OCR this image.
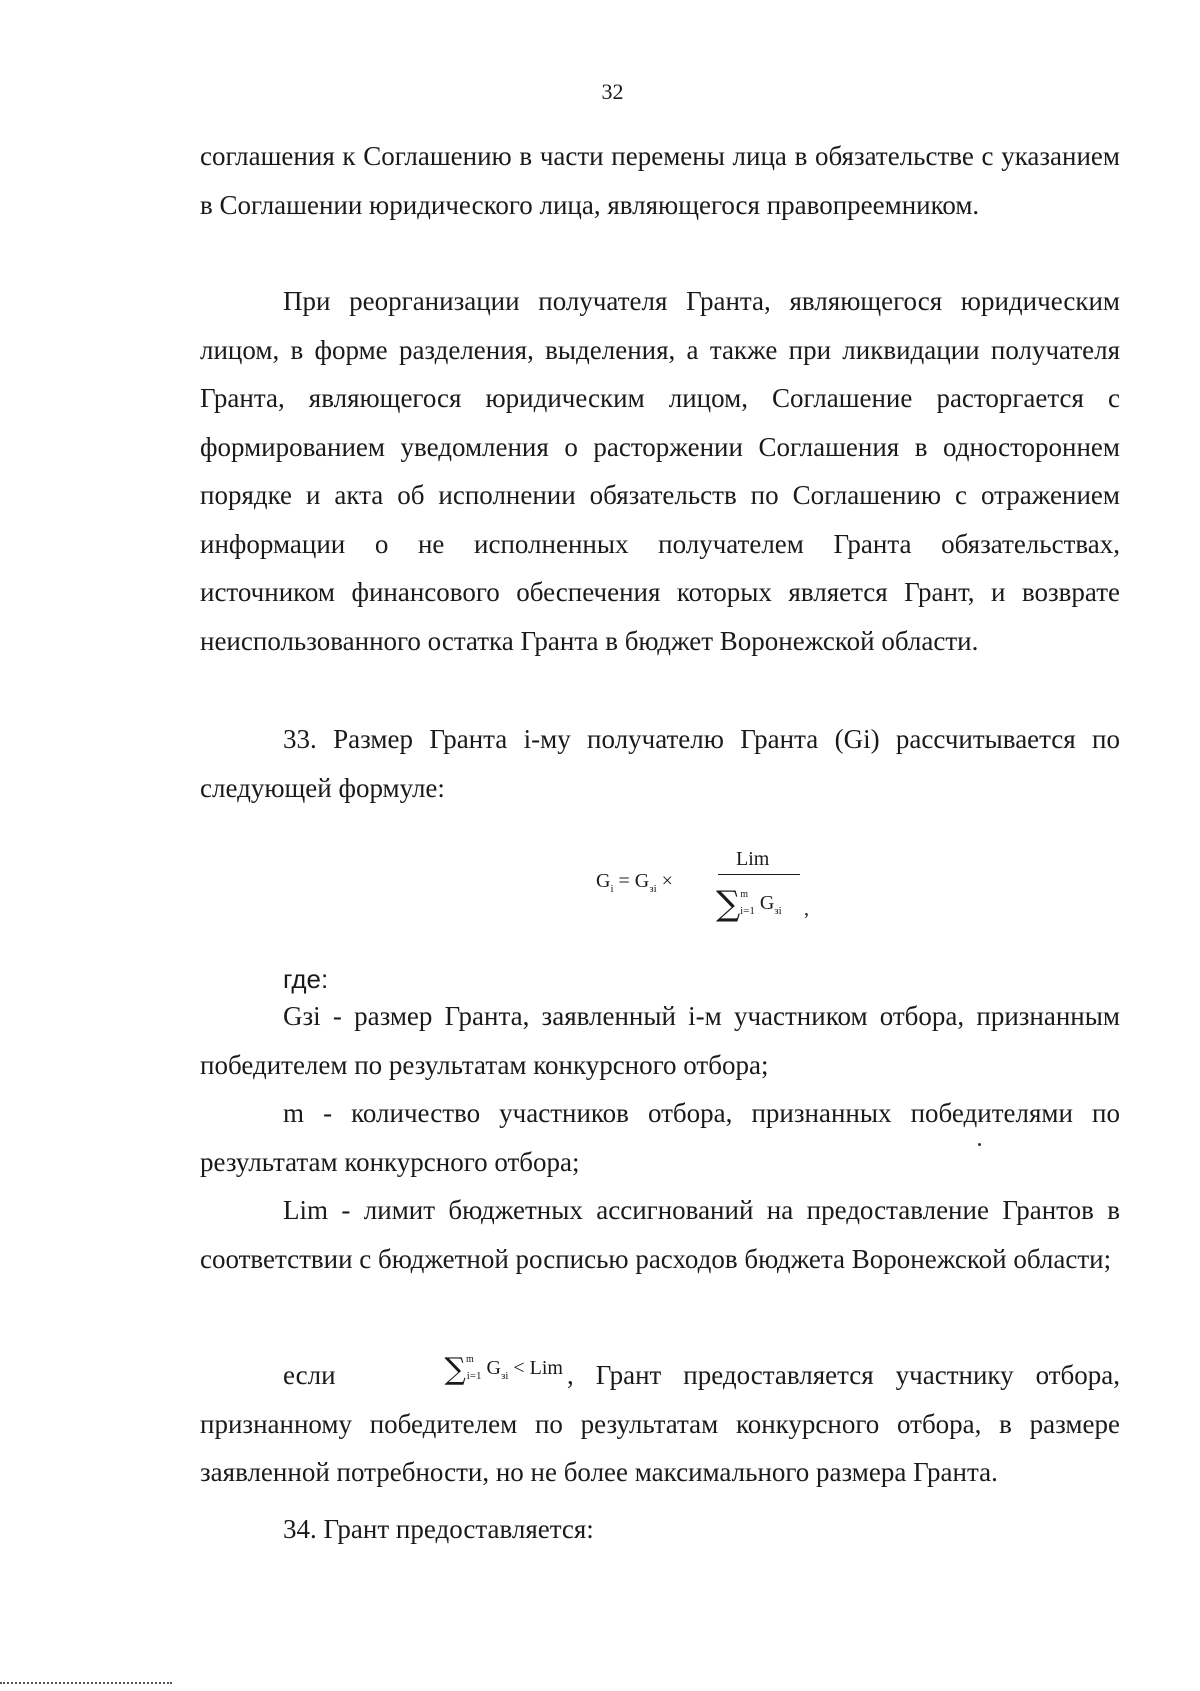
32

соглашения к Соглашению в части перемены лица в обязательстве с указанием в Соглашении юридического лица, являющегося правопреемником.

При реорганизации получателя Гранта, являющегося юридическим лицом, в форме разделения, выделения, а также при ликвидации получателя Гранта, являющегося юридическим лицом, Соглашение расторгается с формированием уведомления о расторжении Соглашения в одностороннем порядке и акта об исполнении обязательств по Соглашению с отражением информации о не исполненных получателем Гранта обязательствах, источником финансового обеспечения которых является Грант, и возврате неиспользованного остатка Гранта в бюджет Воронежской области.

33. Размер Гранта i-му получателю Гранта (Gi) рассчитывается по следующей формуле:

$G_i = G_{зi}$ ×
Lim
∑$^m_{i=1}$ $G_{зi}$ ,
где:

Gзi - размер Гранта, заявленный i-м участником отбора, признанным победителем по результатам конкурсного отбора;

m - количество участников отбора, признанных победителями по результатам конкурсного отбора;

Lim - лимит бюджетных ассигнований на предоставление Грантов в соответствии с бюджетной росписью расходов бюджета Воронежской области;

если	∑$^m_{i=1}$ $G_{зi}$ < Lim , Грант предоставляется участнику отбора, признанному победителем по результатам конкурсного отбора, в размере заявленной потребности, но не более максимального размера Гранта.

34. Грант предоставляется:
